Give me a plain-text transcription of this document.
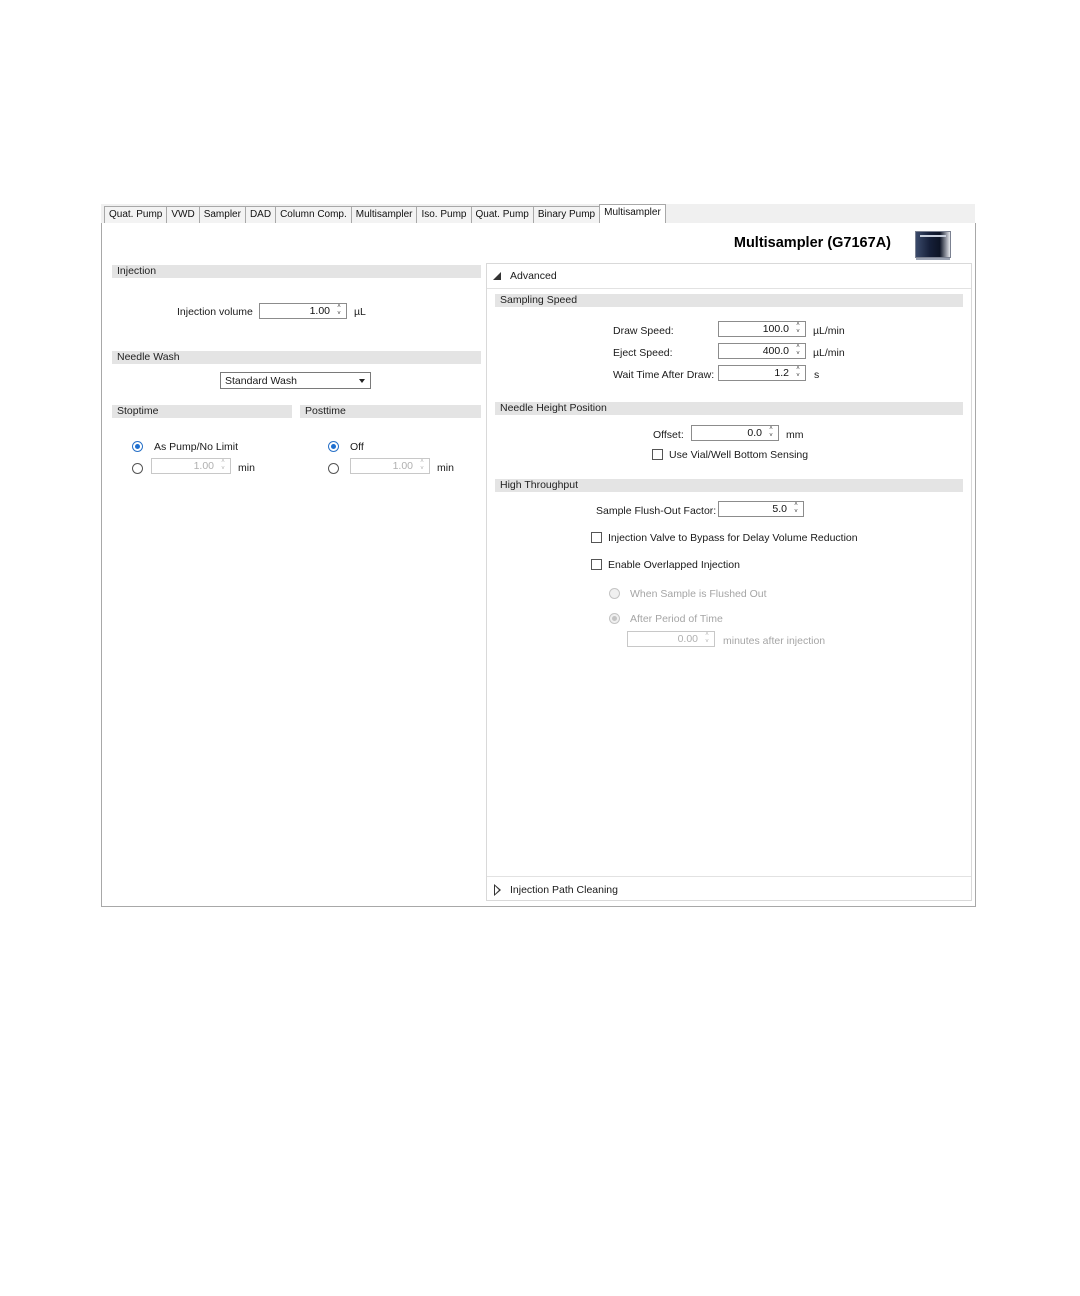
Quat. Pump VWD Sampler DAD Column Comp. Multisampler Iso. Pump Quat. Pump Binary Pump Multisampler
Multisampler (G7167A)
Injection
Injection volume	1.00	˄
˅ µL
Needle Wash
Standard Wash
Stoptime
As Pump/No Limit
1.00	˄
˅ min
Posttime
Off
1.00	˄
˅ min
Advanced
Sampling Speed
Draw Speed:	100.0	˄
˅ µL/min
Eject Speed:	400.0	˄
˅ µL/min
Wait Time After Draw:	1.2	˄
˅ s
Needle Height Position
Offset:	0.0	˄
˅ mm
Use Vial/Well Bottom Sensing
High Throughput
Sample Flush-Out Factor:	5.0	˄
˅
Injection Valve to Bypass for Delay Volume Reduction
Enable Overlapped Injection
When Sample is Flushed Out
After Period of Time
0.00	˄
˅ minutes after injection
Injection Path Cleaning
